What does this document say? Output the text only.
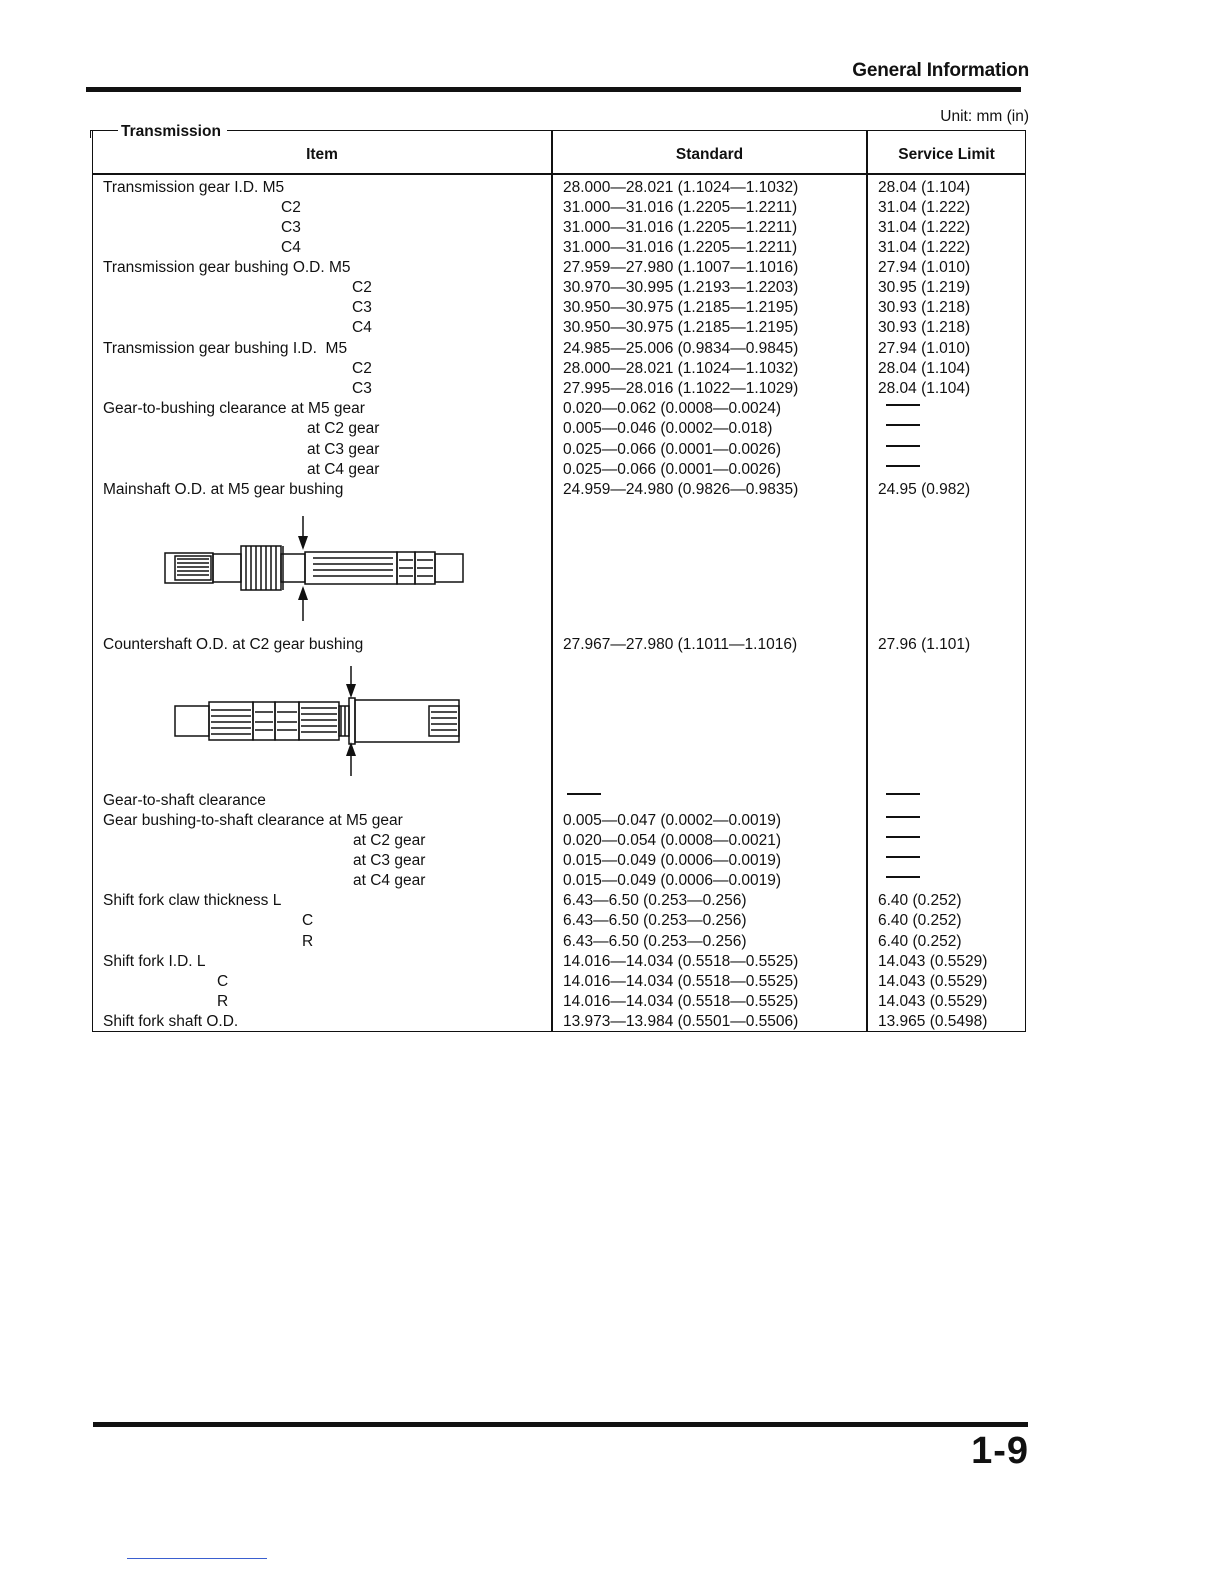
General Information
Unit: mm (in)
Transmission
Item	Standard	Service Limit
Transmission gear I.D. M5	28.000—28.021 (1.1024—1.1032)	28.04 (1.104)
C2	31.000—31.016 (1.2205—1.2211)	31.04 (1.222)
C3	31.000—31.016 (1.2205—1.2211)	31.04 (1.222)
C4	31.000—31.016 (1.2205—1.2211)	31.04 (1.222)
Transmission gear bushing O.D. M5	27.959—27.980 (1.1007—1.1016)	27.94 (1.010)
C2	30.970—30.995 (1.2193—1.2203)	30.95 (1.219)
C3	30.950—30.975 (1.2185—1.2195)	30.93 (1.218)
C4	30.950—30.975 (1.2185—1.2195)	30.93 (1.218)
Transmission gear bushing I.D.  M5	24.985—25.006 (0.9834—0.9845)	27.94 (1.010)
C2	28.000—28.021 (1.1024—1.1032)	28.04 (1.104)
C3	27.995—28.016 (1.1022—1.1029)	28.04 (1.104)
Gear-to-bushing clearance at M5 gear	0.020—0.062 (0.0008—0.0024)
at C2 gear	0.005—0.046 (0.0002—0.018)
at C3 gear	0.025—0.066 (0.0001—0.0026)
at C4 gear	0.025—0.066 (0.0001—0.0026)
Mainshaft O.D. at M5 gear bushing	24.959—24.980 (0.9826—0.9835)	24.95 (0.982)
Countershaft O.D. at C2 gear bushing	27.967—27.980 (1.1011—1.1016)	27.96 (1.101)
Gear-to-shaft clearance
Gear bushing-to-shaft clearance at M5 gear	0.005—0.047 (0.0002—0.0019)
at C2 gear	0.020—0.054 (0.0008—0.0021)
at C3 gear	0.015—0.049 (0.0006—0.0019)
at C4 gear	0.015—0.049 (0.0006—0.0019)
Shift fork claw thickness L	6.43—6.50 (0.253—0.256)	6.40 (0.252)
C	6.43—6.50 (0.253—0.256)	6.40 (0.252)
R	6.43—6.50 (0.253—0.256)	6.40 (0.252)
Shift fork I.D. L	14.016—14.034 (0.5518—0.5525)	14.043 (0.5529)
C	14.016—14.034 (0.5518—0.5525)	14.043 (0.5529)
R	14.016—14.034 (0.5518—0.5525)	14.043 (0.5529)
Shift fork shaft O.D.	13.973—13.984 (0.5501—0.5506)	13.965 (0.5498)
1-9
